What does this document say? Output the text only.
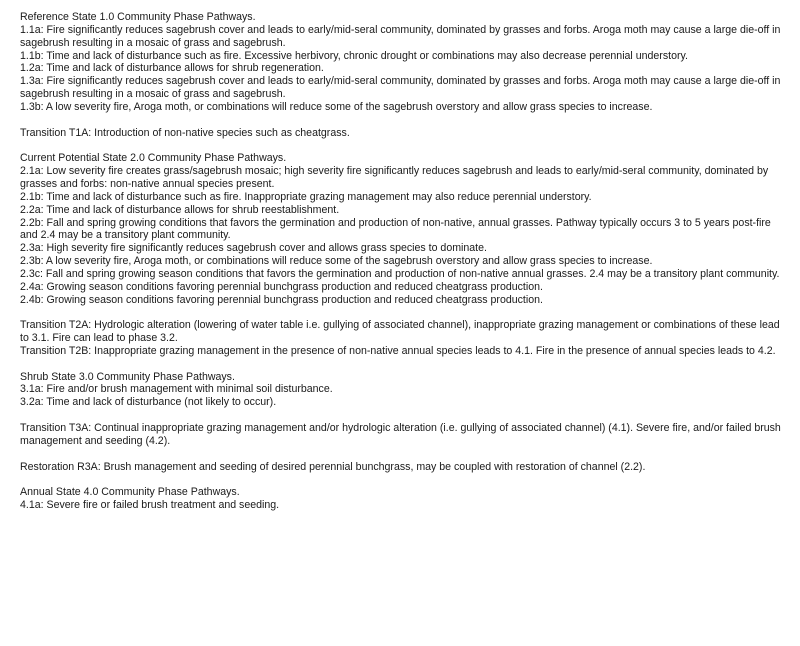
Reference State 1.0 Community Phase Pathways.

1.1a: Fire significantly reduces sagebrush cover and leads to early/mid-seral community, dominated by grasses and forbs. Aroga moth may cause a large die-off in sagebrush resulting in a mosaic of grass and sagebrush.

1.1b: Time and lack of disturbance such as fire. Excessive herbivory, chronic drought or combinations may also decrease perennial understory.

1.2a: Time and lack of disturbance allows for shrub regeneration.

1.3a: Fire significantly reduces sagebrush cover and leads to early/mid-seral community, dominated by grasses and forbs. Aroga moth may cause a large die-off in sagebrush resulting in a mosaic of grass and sagebrush.

1.3b: A low severity fire, Aroga moth, or combinations will reduce some of the sagebrush overstory and allow grass species to increase.

Transition T1A: Introduction of non-native species such as cheatgrass.

Current Potential State 2.0 Community Phase Pathways.

2.1a: Low severity fire creates grass/sagebrush mosaic; high severity fire significantly reduces sagebrush and leads to early/mid-seral community, dominated by grasses and forbs: non-native annual species present.

2.1b: Time and lack of disturbance such as fire. Inappropriate grazing management may also reduce perennial understory.

2.2a: Time and lack of disturbance allows for shrub reestablishment.

2.2b: Fall and spring growing conditions that favors the germination and production of non-native, annual grasses. Pathway typically occurs 3 to 5 years post-fire and 2.4 may be a transitory plant community.

2.3a: High severity fire significantly reduces sagebrush cover and allows grass species to dominate.

2.3b: A low severity fire, Aroga moth, or combinations will reduce some of the sagebrush overstory and allow grass species to increase.

2.3c: Fall and spring growing season conditions that favors the germination and production of non-native annual grasses. 2.4 may be a transitory plant community.

2.4a: Growing season conditions favoring perennial bunchgrass production and reduced cheatgrass production.

2.4b: Growing season conditions favoring perennial bunchgrass production and reduced cheatgrass production.

Transition T2A: Hydrologic alteration (lowering of water table i.e. gullying of associated channel), inappropriate grazing management or combinations of these lead to 3.1. Fire can lead to phase 3.2.

Transition T2B: Inappropriate grazing management in the presence of non-native annual species leads to 4.1. Fire in the presence of annual species leads to 4.2.

Shrub State 3.0 Community Phase Pathways.

3.1a: Fire and/or brush management with minimal soil disturbance.

3.2a: Time and lack of disturbance (not likely to occur).

Transition T3A: Continual inappropriate grazing management and/or hydrologic alteration (i.e. gullying of associated channel) (4.1). Severe fire, and/or failed brush management and seeding (4.2).

Restoration R3A: Brush management and seeding of desired perennial bunchgrass, may be coupled with restoration of channel (2.2).

Annual State 4.0 Community Phase Pathways.

4.1a: Severe fire or failed brush treatment and seeding.
